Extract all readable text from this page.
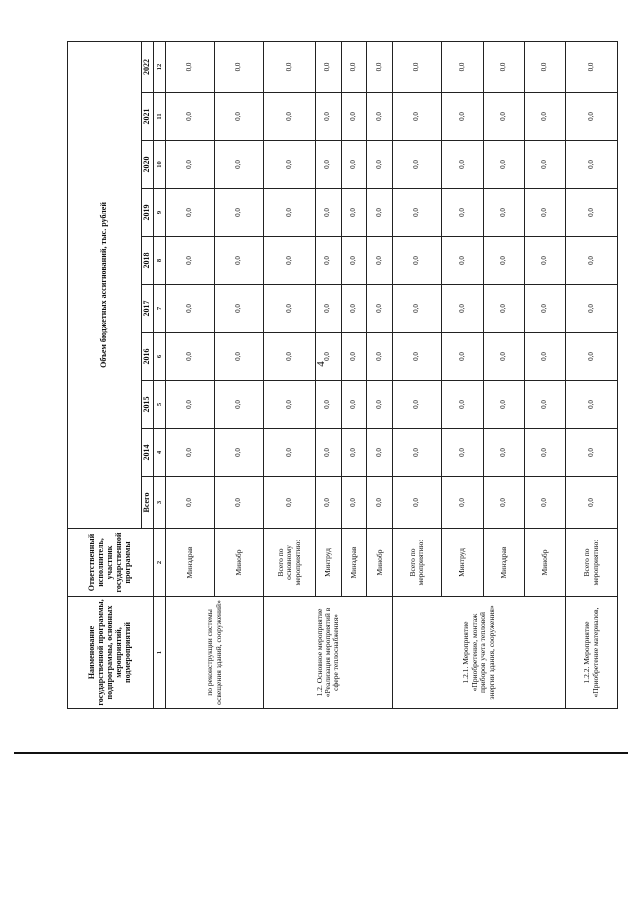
4
Наименование государственной программы, подпрограммы, основных мероприятий, подмероприятий	Ответственный исполнитель, участник государственной программы	Объем бюджетных ассигнований, тыс. рублей									
		Всего	2014	2015	2016	2017	2018	2019	2020	2021	2022
1	2	3	4	5	6	7	8	9	10	11	12
по реконструкции системы освещения зданий, сооружений»	Минздрав	0,0	0,0	0,0	0,0	0,0	0,0	0,0	0,0	0,0	0,0
	Минобр	0,0	0,0	0,0	0,0	0,0	0,0	0,0	0,0	0,0	0,0
1.2. Основное мероприятие «Реализация мероприятий в сфере теплоснабжения»	Всего по основному мероприятию:	0,0	0,0	0,0	0,0	0,0	0,0	0,0	0,0	0,0	0,0
	Минтруд	0,0	0,0	0,0	0,0	0,0	0,0	0,0	0,0	0,0	0,0
	Минздрав	0,0	0,0	0,0	0,0	0,0	0,0	0,0	0,0	0,0	0,0
	Минобр	0,0	0,0	0,0	0,0	0,0	0,0	0,0	0,0	0,0	0,0
1.2.1. Мероприятие «Приобретение, монтаж приборов учета тепловой энергии здания, сооружения»	Всего по мероприятию:	0,0	0,0	0,0	0,0	0,0	0,0	0,0	0,0	0,0	0,0
	Минтруд	0,0	0,0	0,0	0,0	0,0	0,0	0,0	0,0	0,0	0,0
	Минздрав	0,0	0,0	0,0	0,0	0,0	0,0	0,0	0,0	0,0	0,0
	Минобр	0,0	0,0	0,0	0,0	0,0	0,0	0,0	0,0	0,0	0,0
1.2.2. Мероприятие «Приобретение материалов,	Всего по мероприятию:	0,0	0,0	0,0	0,0	0,0	0,0	0,0	0,0	0,0	0,0
